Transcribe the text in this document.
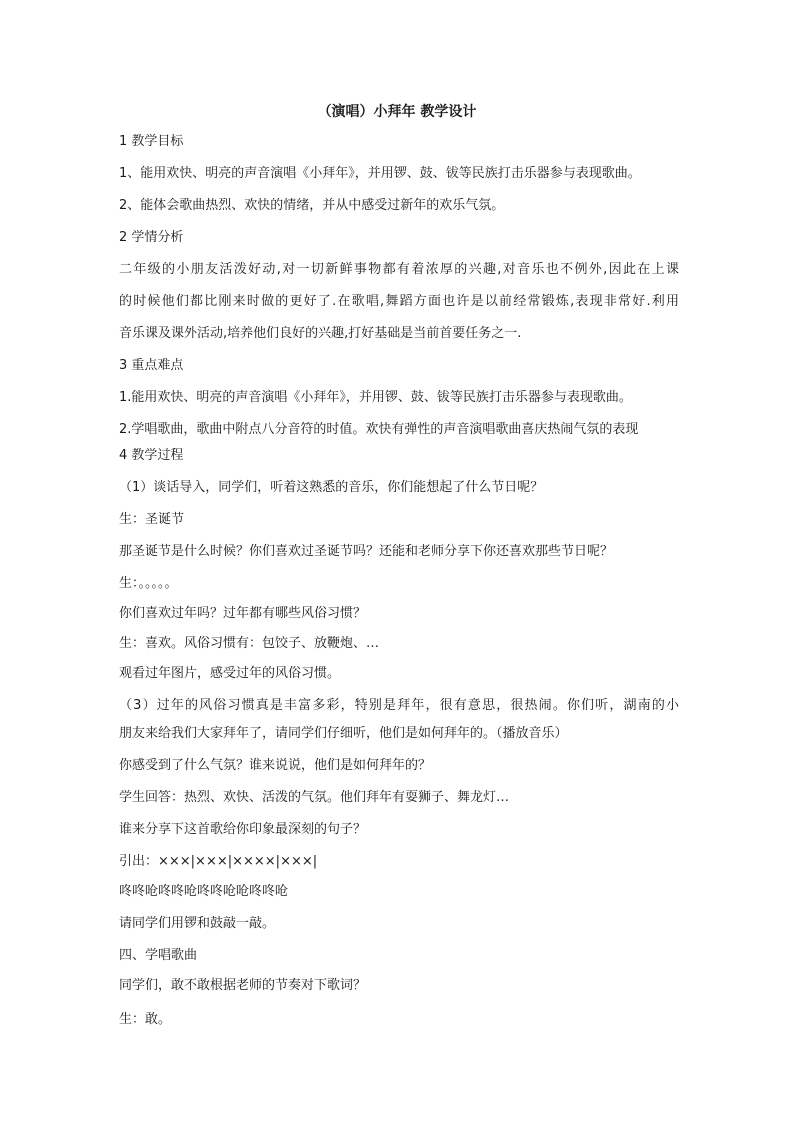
（演唱）小拜年 教学设计
1 教学目标
1、能用欢快、明亮的声音演唱《小拜年》，并用锣、鼓、钹等民族打击乐器参与表现歌曲。
2、能体会歌曲热烈、欢快的情绪，并从中感受过新年的欢乐气氛。
2 学情分析
二年级的小朋友活泼好动,对一切新鲜事物都有着浓厚的兴趣,对音乐也不例外,因此在上课
的时候他们都比刚来时做的更好了.在歌唱,舞蹈方面也许是以前经常锻炼,表现非常好.利用
音乐课及课外活动,培养他们良好的兴趣,打好基础是当前首要任务之一.
3 重点难点
1.能用欢快、明亮的声音演唱《小拜年》，并用锣、鼓、钹等民族打击乐器参与表现歌曲。
2.学唱歌曲，歌曲中附点八分音符的时值。欢快有弹性的声音演唱歌曲喜庆热闹气氛的表现
4 教学过程
（1）谈话导入，同学们，听着这熟悉的音乐，你们能想起了什么节日呢？
生：圣诞节
那圣诞节是什么时候？你们喜欢过圣诞节吗？还能和老师分享下你还喜欢那些节日呢？
生：。。。。。
你们喜欢过年吗？过年都有哪些风俗习惯？
生：喜欢。风俗习惯有：包饺子、放鞭炮、…
观看过年图片，感受过年的风俗习惯。
（3）过年的风俗习惯真是丰富多彩，特别是拜年，很有意思，很热闹。你们听，湖南的小
朋友来给我们大家拜年了，请同学们仔细听，他们是如何拜年的。（播放音乐）
你感受到了什么气氛？谁来说说，他们是如何拜年的？
学生回答：热烈、欢快、活泼的气氛。他们拜年有耍狮子、舞龙灯…
谁来分享下这首歌给你印象最深刻的句子？
引出：×××|×××|××××|×××|
咚咚呛咚咚呛咚咚呛呛咚咚呛
请同学们用锣和鼓敲一敲。
四、学唱歌曲
同学们，敢不敢根据老师的节奏对下歌词？
生：敢。
